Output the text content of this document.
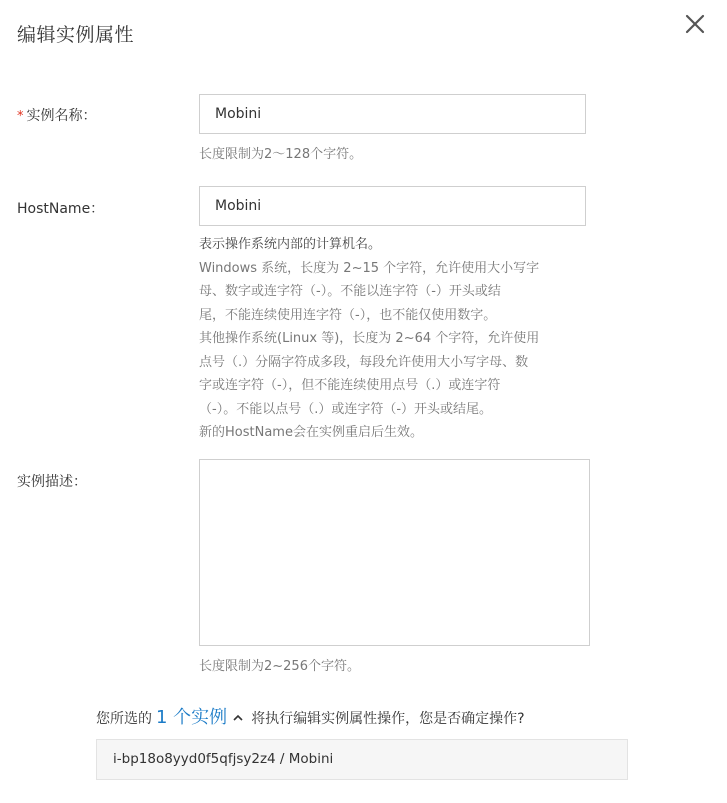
编辑实例属性
* 实例名称：	Mobini
长度限制为2～128个字符。
HostName：	Mobini
表示操作系统内部的计算机名。
Windows 系统，长度为 2~15 个字符，允许使用大小写字
母、数字或连字符（-）。不能以连字符（-）开头或结
尾，不能连续使用连字符（-），也不能仅使用数字。
其他操作系统(Linux 等)，长度为 2~64 个字符，允许使用
点号（.）分隔字符成多段，每段允许使用大小写字母、数
字或连字符（-），但不能连续使用点号（.）或连字符
（-）。不能以点号（.）或连字符（-）开头或结尾。
新的HostName会在实例重启后生效。
实例描述：
长度限制为2~256个字符。
您所选的 1 个实例 将执行编辑实例属性操作，您是否确定操作?
i-bp18o8yyd0f5qfjsy2z4 / Mobini
